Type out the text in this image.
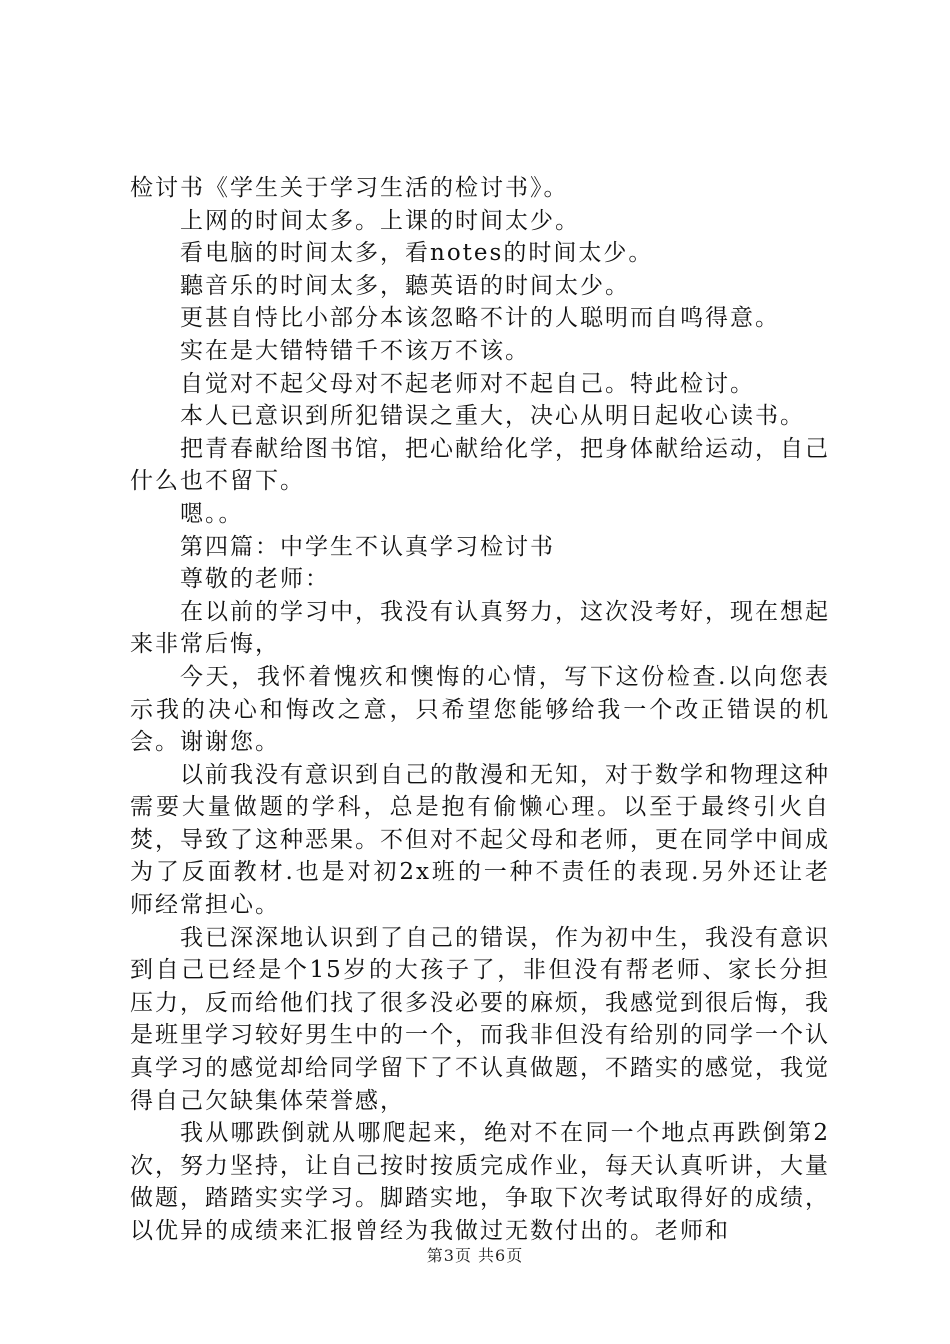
检讨书《学生关于学习生活的检讨书》。

上网的时间太多。上课的时间太少。

看电脑的时间太多，看notes的时间太少。

聽音乐的时间太多，聽英语的时间太少。

更甚自恃比小部分本该忽略不计的人聪明而自鸣得意。

实在是大错特错千不该万不该。

自觉对不起父母对不起老师对不起自己。特此检讨。

本人已意识到所犯错误之重大，决心从明日起收心读书。

把青春献给图书馆，把心献给化学，把身体献给运动，自己什么也不留下。

嗯。。

第四篇：中学生不认真学习检讨书

尊敬的老师：

在以前的学习中，我没有认真努力，这次没考好，现在想起来非常后悔，

今天，我怀着愧疚和懊悔的心情，写下这份检查.以向您表示我的决心和悔改之意，只希望您能够给我一个改正错误的机会。谢谢您。

以前我没有意识到自己的散漫和无知，对于数学和物理这种需要大量做题的学科，总是抱有偷懒心理。以至于最终引火自焚，导致了这种恶果。不但对不起父母和老师，更在同学中间成为了反面教材.也是对初2x班的一种不责任的表现.另外还让老师经常担心。

我已深深地认识到了自己的错误，作为初中生，我没有意识到自己已经是个15岁的大孩子了，非但没有帮老师、家长分担压力，反而给他们找了很多没必要的麻烦，我感觉到很后悔，我是班里学习较好男生中的一个，而我非但没有给别的同学一个认真学习的感觉却给同学留下了不认真做题，不踏实的感觉，我觉得自己欠缺集体荣誉感，

我从哪跌倒就从哪爬起来，绝对不在同一个地点再跌倒第2次，努力坚持，让自己按时按质完成作业，每天认真听讲，大量做题，踏踏实实学习。脚踏实地，争取下次考试取得好的成绩，以优异的成绩来汇报曾经为我做过无数付出的。老师和

第3页 共6页
